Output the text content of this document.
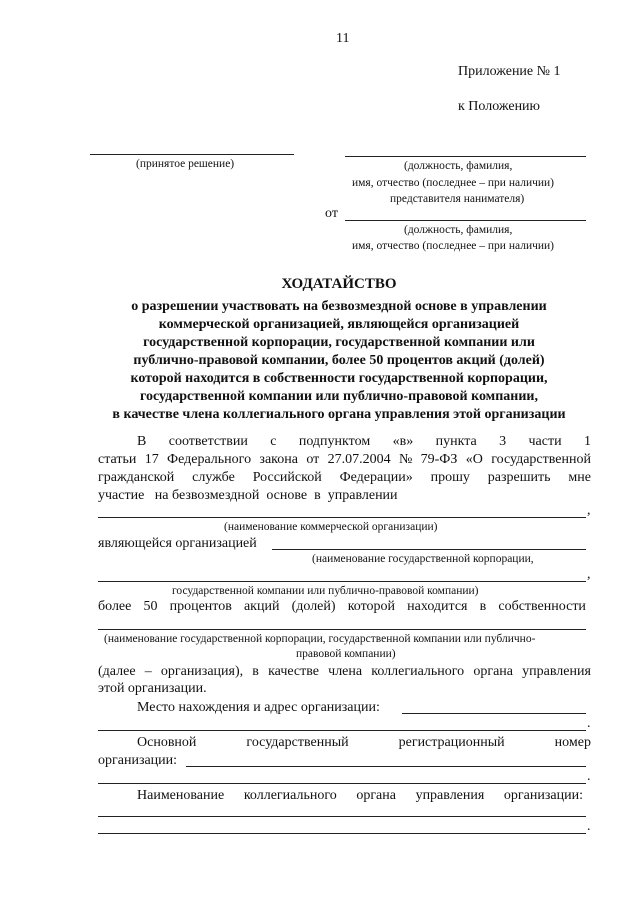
11
Приложение № 1
к Положению
(принятое решение)	(должность, фамилия,
имя, отчество (последнее – при наличии)
представителя нанимателя)
от
(должность, фамилия,
имя, отчество (последнее – при наличии)
ХОДАТАЙСТВО
о разрешении участвовать на безвозмездной основе в управлении
коммерческой организацией, являющейся организацией
государственной корпорации, государственной компании или
публично-правовой компании, более 50 процентов акций (долей)
которой находится в собственности государственной корпорации,
государственной компании или публично-правовой компании,
в качестве члена коллегиального органа управления этой организации
В соответствии с подпунктом «в» пункта 3 части 1
статьи 17 Федерального закона от 27.07.2004 № 79-ФЗ «О государственной
гражданской службе Российской Федерации» прошу разрешить мне
участие   на безвозмездной  основе  в  управлении
,
(наименование коммерческой организации)
являющейся организацией
(наименование государственной корпорации,
,
государственной компании или публично-правовой компании)
более 50 процентов акций (долей) которой находится в собственности
(наименование государственной корпорации, государственной компании или публично-
правовой компании)
(далее – организация), в качестве члена коллегиального органа управления
этой организации.
Место нахождения и адрес организации:
.
Основной	государственный	регистрационный	номер
организации:
.
Наименование коллегиального органа управления организации:
.
